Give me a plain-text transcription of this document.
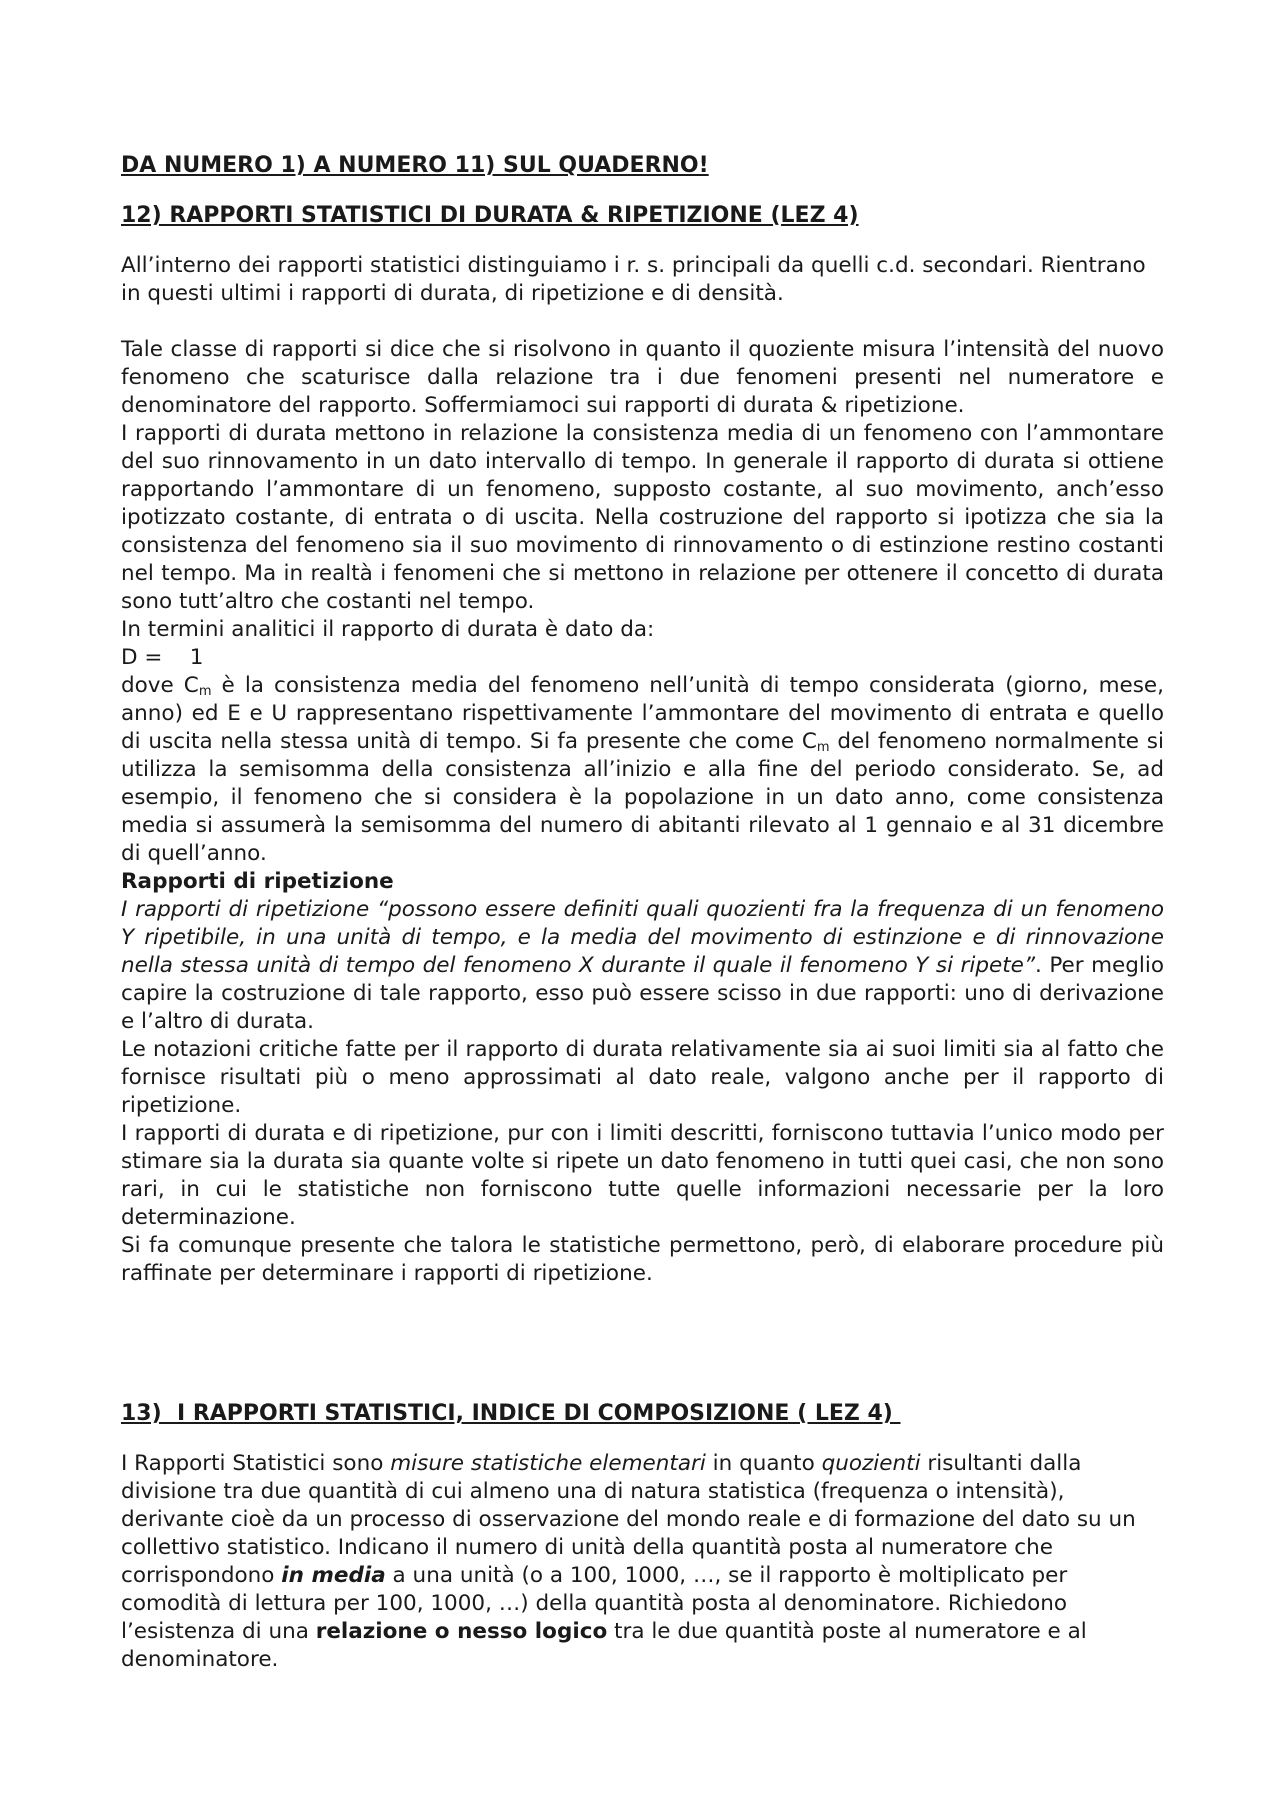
DA NUMERO 1) A NUMERO 11) SUL QUADERNO!

12) RAPPORTI STATISTICI DI DURATA & RIPETIZIONE (LEZ 4)

All’interno dei rapporti statistici distinguiamo i r. s. principali da quelli c.d. secondari. Rientrano in questi ultimi i rapporti di durata, di ripetizione e di densità.

Tale classe di rapporti si dice che si risolvono in quanto il quoziente misura l’intensità del nuovo fenomeno che scaturisce dalla relazione tra i due fenomeni presenti nel numeratore e denominatore del rapporto. Soffermiamoci sui rapporti di durata & ripetizione.

I rapporti di durata mettono in relazione la consistenza media di un fenomeno con l’ammontare del suo rinnovamento in un dato intervallo di tempo. In generale il rapporto di durata si ottiene rapportando l’ammontare di un fenomeno, supposto costante, al suo movimento, anch’esso ipotizzato costante, di entrata o di uscita. Nella costruzione del rapporto si ipotizza che sia la consistenza del fenomeno sia il suo movimento di rinnovamento o di estinzione restino costanti nel tempo. Ma in realtà i fenomeni che si mettono in relazione per ottenere il concetto di durata sono tutt’altro che costanti nel tempo.

In termini analitici il rapporto di durata è dato da:

D =    1

dove $C_m$ è la consistenza media del fenomeno nell’unità di tempo considerata (giorno, mese, anno) ed E e U rappresentano rispettivamente l’ammontare del movimento di entrata e quello di uscita nella stessa unità di tempo. Si fa presente che come $C_m$ del fenomeno normalmente si utilizza la semisomma della consistenza all’inizio e alla fine del periodo considerato. Se, ad esempio, il fenomeno che si considera è la popolazione in un dato anno, come consistenza media si assumerà la semisomma del numero di abitanti rilevato al 1 gennaio e al 31 dicembre di quell’anno.

Rapporti di ripetizione

I rapporti di ripetizione “possono essere definiti quali quozienti fra la frequenza di un fenomeno Y ripetibile, in una unità di tempo, e la media del movimento di estinzione e di rinnovazione nella stessa unità di tempo del fenomeno X durante il quale il fenomeno Y si ripete”. Per meglio capire la costruzione di tale rapporto, esso può essere scisso in due rapporti: uno di derivazione e l’altro di durata.

Le notazioni critiche fatte per il rapporto di durata relativamente sia ai suoi limiti sia al fatto che fornisce risultati più o meno approssimati al dato reale, valgono anche per il rapporto di ripetizione.

I rapporti di durata e di ripetizione, pur con i limiti descritti, forniscono tuttavia l’unico modo per stimare sia la durata sia quante volte si ripete un dato fenomeno in tutti quei casi, che non sono rari, in cui le statistiche non forniscono tutte quelle informazioni necessarie per la loro determinazione.

Si fa comunque presente che talora le statistiche permettono, però, di elaborare procedure più raffinate per determinare i rapporti di ripetizione.

13)  I RAPPORTI STATISTICI, INDICE DI COMPOSIZIONE ( LEZ 4)

I Rapporti Statistici sono misure statistiche elementari in quanto quozienti risultanti dalla divisione tra due quantità di cui almeno una di natura statistica (frequenza o intensità), derivante cioè da un processo di osservazione del mondo reale e di formazione del dato su un collettivo statistico. Indicano il numero di unità della quantità posta al numeratore che corrispondono in media a una unità (o a 100, 1000, …, se il rapporto è moltiplicato per comodità di lettura per 100, 1000, …) della quantità posta al denominatore. Richiedono l’esistenza di una relazione o nesso logico tra le due quantità poste al numeratore e al denominatore.
